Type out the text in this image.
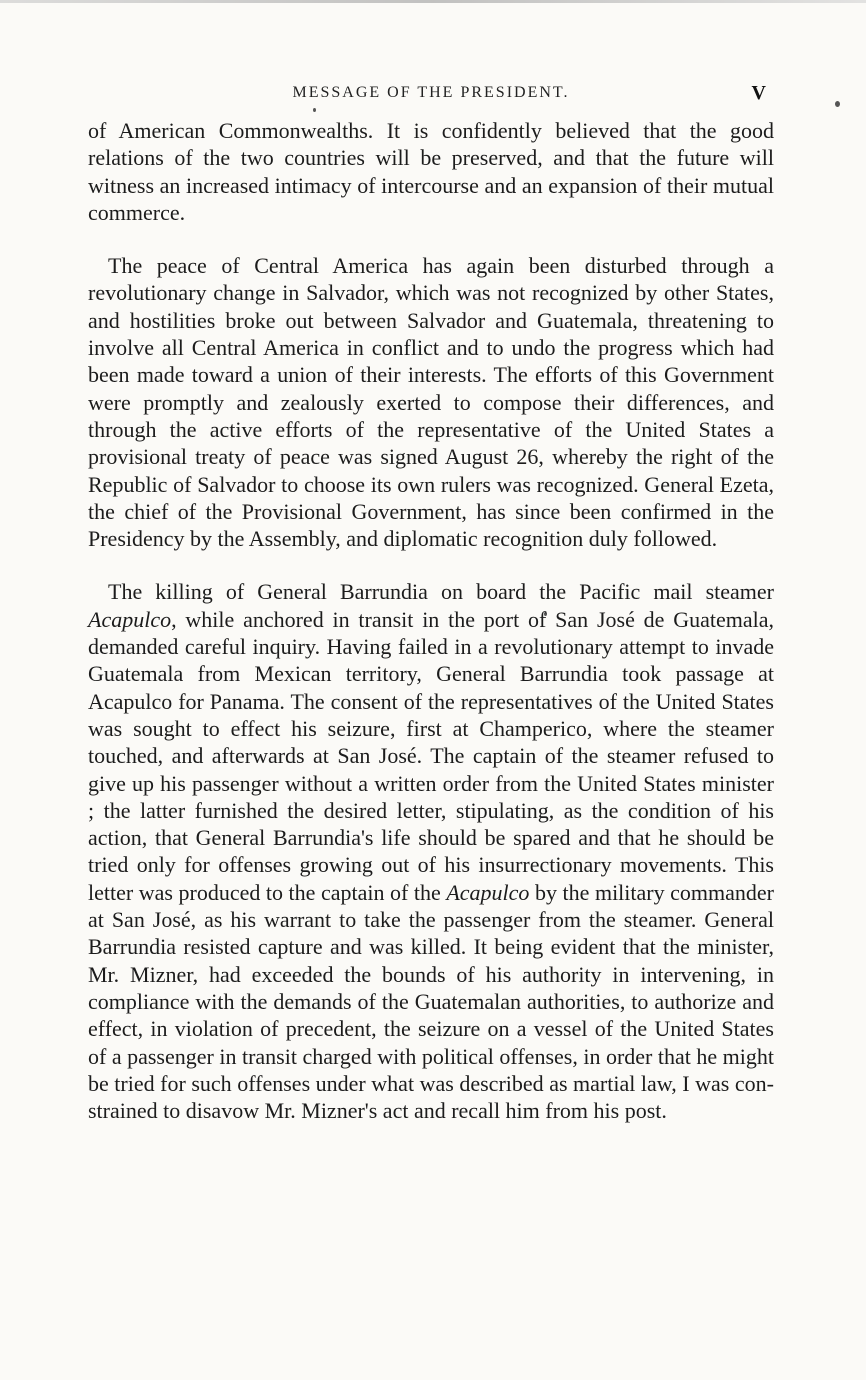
MESSAGE OF THE PRESIDENT.	V

of American Commonwealths. It is confidently believed that the good relations of the two countries will be preserved, and that the future will witness an increased intimacy of intercourse and an expansion of their mutual commerce.

The peace of Central America has again been disturbed through a revolutionary change in Salvador, which was not recognized by other States, and hostilities broke out between Salvador and Guatemala, threatening to involve all Central America in conflict and to undo the progress which had been made toward a union of their interests. The efforts of this Government were promptly and zealously exerted to compose their differences, and through the active efforts of the representative of the United States a provisional treaty of peace was signed August 26, whereby the right of the Republic of Salvador to choose its own rulers was recognized. General Ezeta, the chief of the Provisional Government, has since been confirmed in the Presidency by the Assembly, and diplomatic recognition duly followed.

The killing of General Barrundia on board the Pacific mail steamer Acapulco, while anchored in transit in the port of San José de Guatemala, demanded careful inquiry. Having failed in a revolutionary attempt to invade Guatemala from Mexican territory, General Barrundia took passage at Acapulco for Panama. The consent of the representatives of the United States was sought to effect his seizure, first at Champerico, where the steamer touched, and afterwards at San José. The captain of the steamer refused to give up his passenger without a written order from the United States minister ; the latter furnished the desired letter, stipulating, as the condition of his action, that General Barrundia's life should be spared and that he should be tried only for offenses growing out of his insurrectionary movements. This letter was produced to the captain of the Acapulco by the military commander at San José, as his warrant to take the passenger from the steamer. General Barrundia resisted capture and was killed. It being evident that the minister, Mr. Mizner, had exceeded the bounds of his authority in intervening, in compliance with the demands of the Guatemalan authorities, to authorize and effect, in violation of precedent, the seizure on a vessel of the United States of a passenger in transit charged with political offenses, in order that he might be tried for such offenses under what was described as martial law, I was constrained to disavow Mr. Mizner's act and recall him from his post.
